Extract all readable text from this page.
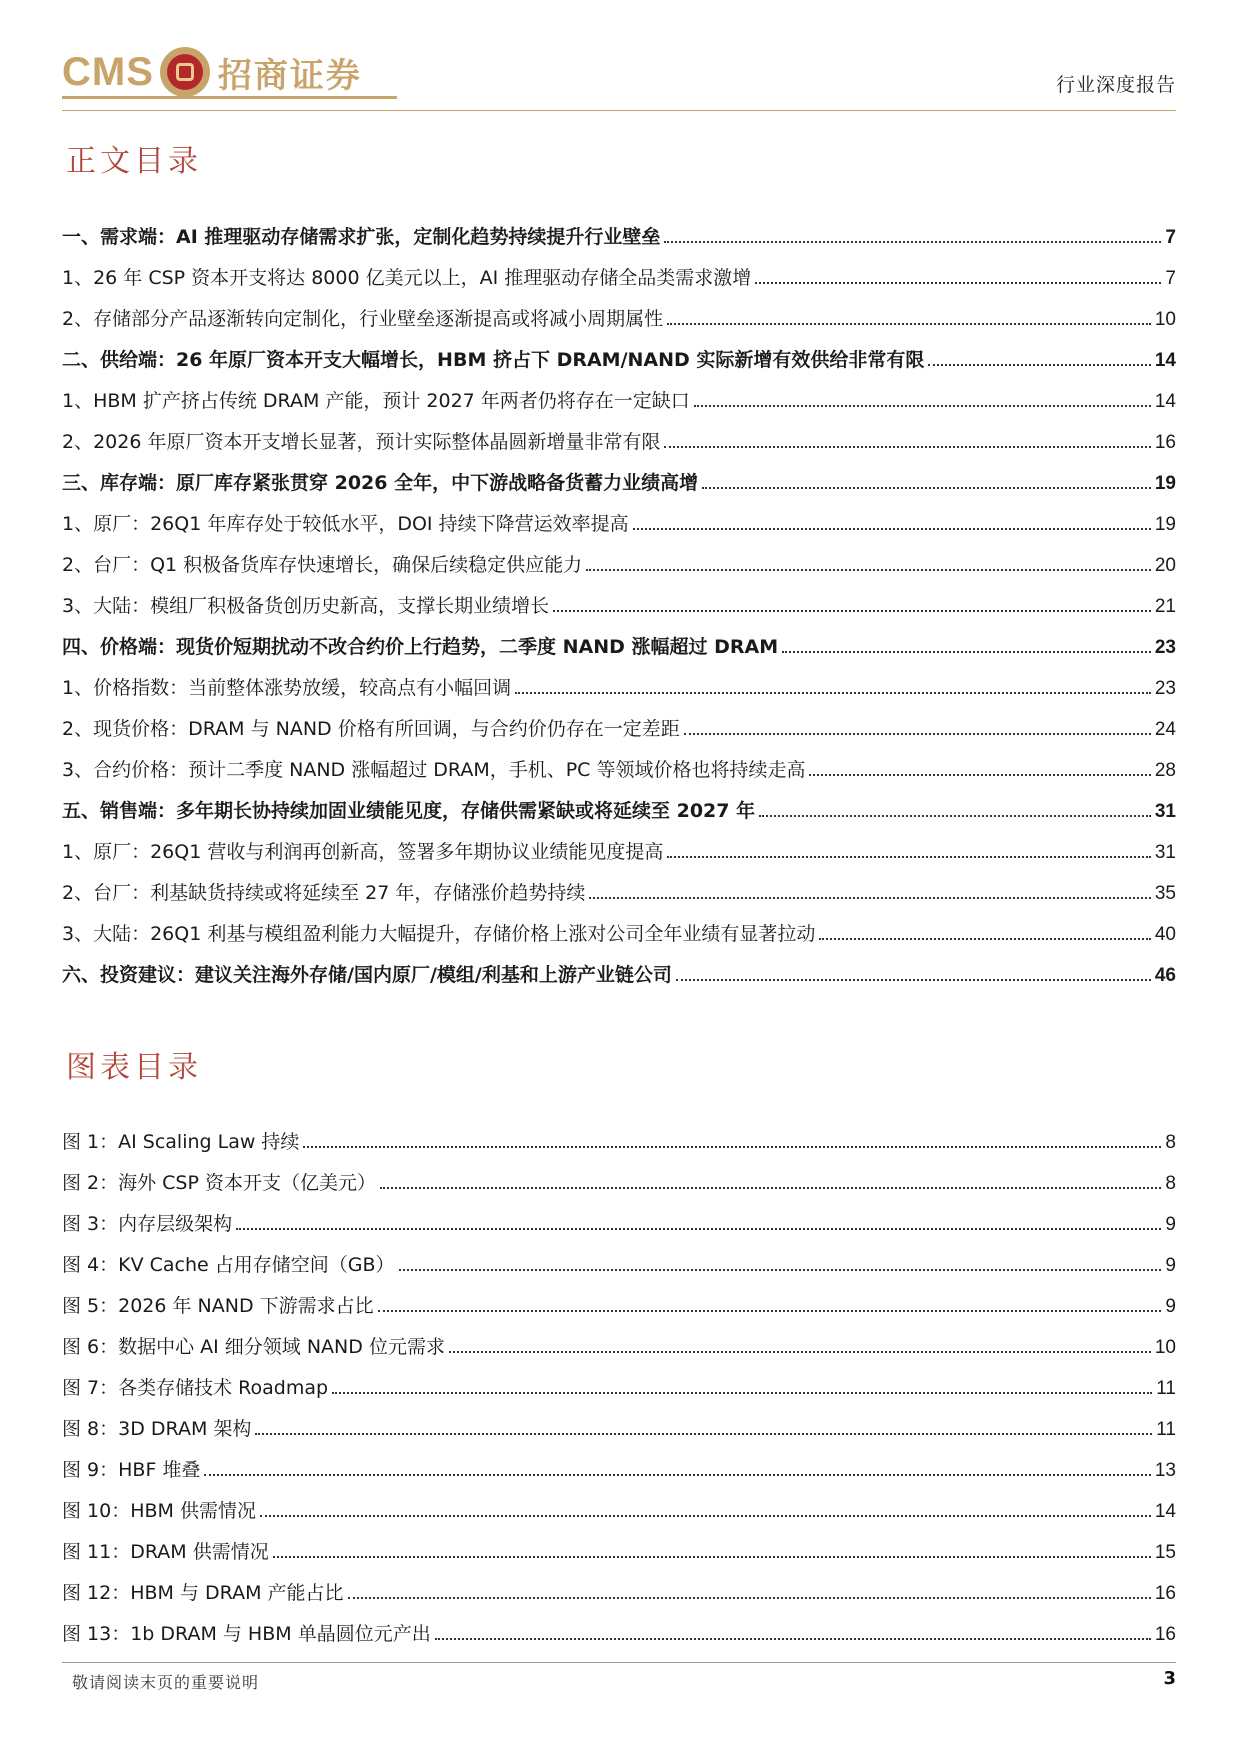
CMS 招商证券	行业深度报告
正文目录
一、需求端：AI 推理驱动存储需求扩张，定制化趋势持续提升行业壁垒	7
1、26 年 CSP 资本开支将达 8000 亿美元以上，AI 推理驱动存储全品类需求激增	7
2、存储部分产品逐渐转向定制化，行业壁垒逐渐提高或将减小周期属性	10
二、供给端：26 年原厂资本开支大幅增长，HBM 挤占下 DRAM/NAND 实际新增有效供给非常有限	14
1、HBM 扩产挤占传统 DRAM 产能，预计 2027 年两者仍将存在一定缺口	14
2、2026 年原厂资本开支增长显著，预计实际整体晶圆新增量非常有限	16
三、库存端：原厂库存紧张贯穿 2026 全年，中下游战略备货蓄力业绩高增	19
1、原厂：26Q1 年库存处于较低水平，DOI 持续下降营运效率提高	19
2、台厂：Q1 积极备货库存快速增长，确保后续稳定供应能力	20
3、大陆：模组厂积极备货创历史新高，支撑长期业绩增长	21
四、价格端：现货价短期扰动不改合约价上行趋势，二季度 NAND 涨幅超过 DRAM	23
1、价格指数：当前整体涨势放缓，较高点有小幅回调	23
2、现货价格：DRAM 与 NAND 价格有所回调，与合约价仍存在一定差距	24
3、合约价格：预计二季度 NAND 涨幅超过 DRAM，手机、PC 等领域价格也将持续走高	28
五、销售端：多年期长协持续加固业绩能见度，存储供需紧缺或将延续至 2027 年	31
1、原厂：26Q1 营收与利润再创新高，签署多年期协议业绩能见度提高	31
2、台厂：利基缺货持续或将延续至 27 年，存储涨价趋势持续	35
3、大陆：26Q1 利基与模组盈利能力大幅提升，存储价格上涨对公司全年业绩有显著拉动	40
六、投资建议：建议关注海外存储/国内原厂/模组/利基和上游产业链公司	46
图表目录
图 1：AI Scaling Law 持续	8
图 2：海外 CSP 资本开支（亿美元）	8
图 3：内存层级架构	9
图 4：KV Cache 占用存储空间（GB）	9
图 5：2026 年 NAND 下游需求占比	9
图 6：数据中心 AI 细分领域 NAND 位元需求	10
图 7：各类存储技术 Roadmap	11
图 8：3D DRAM 架构	11
图 9：HBF 堆叠	13
图 10：HBM 供需情况	14
图 11：DRAM 供需情况	15
图 12：HBM 与 DRAM 产能占比	16
图 13：1b DRAM 与 HBM 单晶圆位元产出	16
敬请阅读末页的重要说明	3
